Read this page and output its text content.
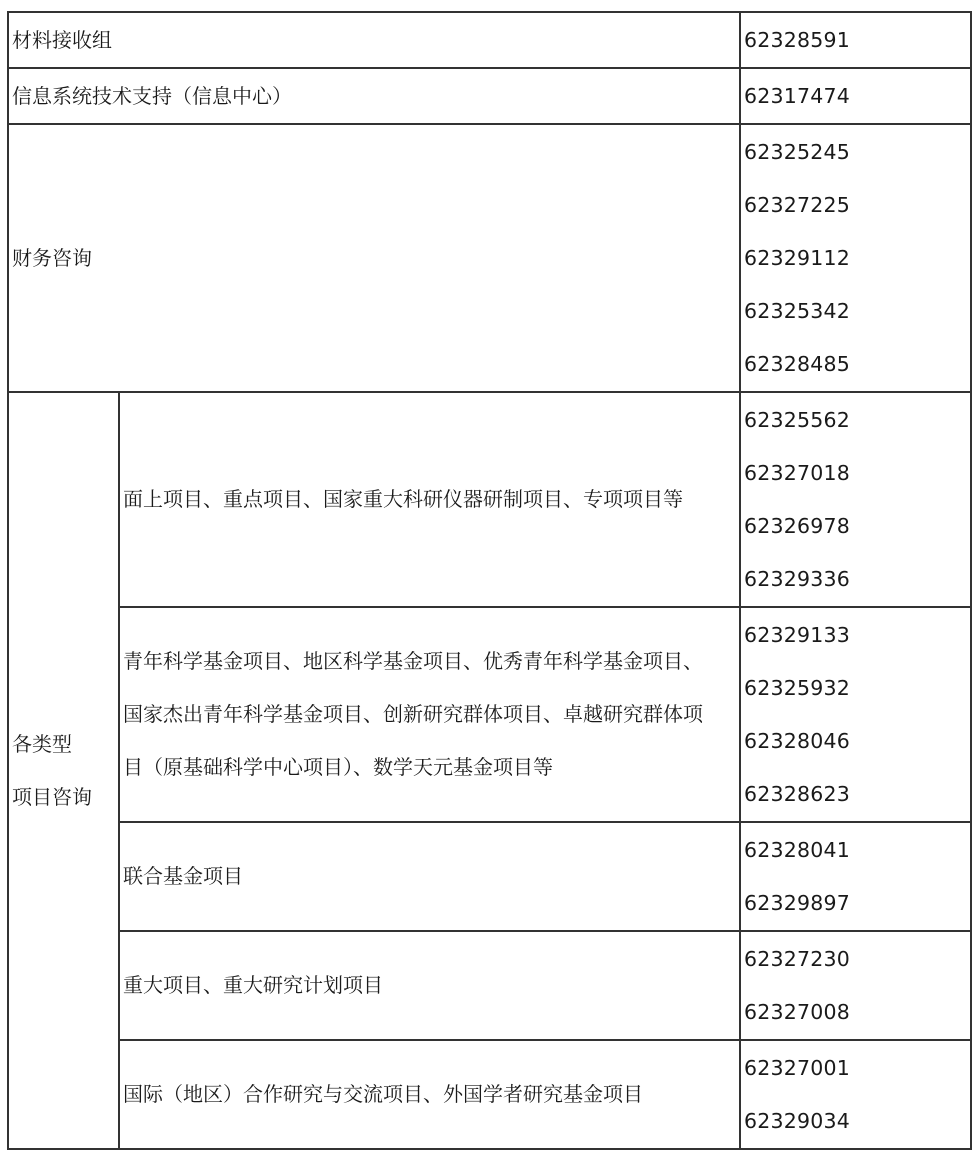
材料接收组		62328591

信息系统技术支持（信息中心）		62317474

财务咨询		62325245
62327225
62329112
62325342
62328485

各类型
项目咨询	面上项目、重点项目、国家重大科研仪器研制项目、专项项目等	62325562
62327018
62326978
62329336

	青年科学基金项目、地区科学基金项目、优秀青年科学基金项目、
国家杰出青年科学基金项目、创新研究群体项目、卓越研究群体项
目（原基础科学中心项目）、数学天元基金项目等	62329133
62325932
62328046
62328623

	联合基金项目	62328041
62329897

	重大项目、重大研究计划项目	62327230
62327008

	国际（地区）合作研究与交流项目、外国学者研究基金项目	62327001
62329034
